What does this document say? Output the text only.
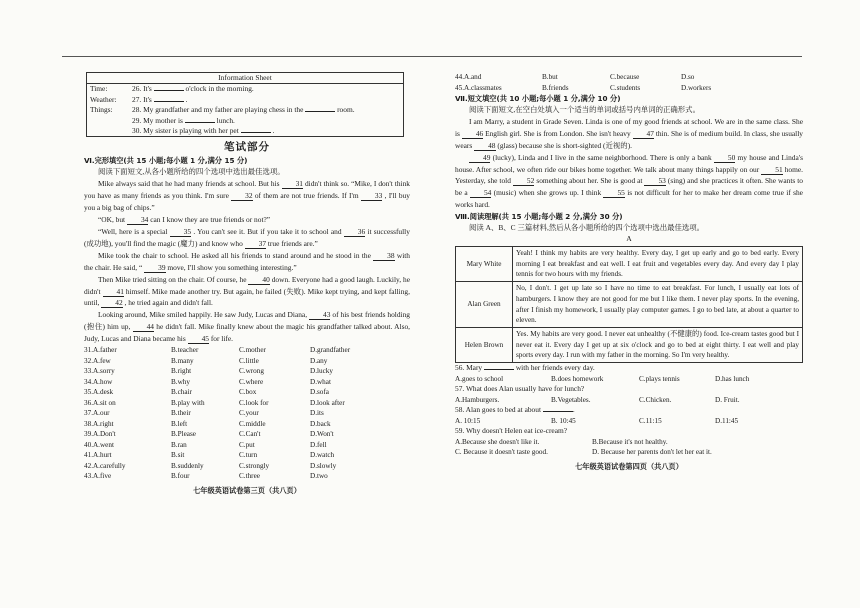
Information Sheet	
Time:	26. It's o'clock in the morning.
Weather:	27. It's .
Things:	28. My grandfather and my father are playing chess in the room.
	29. My mother is lunch.
	30. My sister is playing with her pet .
笔试部分
Ⅵ.完形填空(共 15 小题;每小题 1 分,满分 15 分)
阅读下面短文,从各小题所给的四个选项中选出最佳选项。
Mike always said that he had many friends at school. But his 31 didn't think so. “Mike, I don't think you have as many friends as you think. I'm sure 32 of them are not true friends. If I'm 33 , I'll buy you a big bag of chips.”
“OK, but 34 can I know they are true friends or not?”
“Well, here is a special 35 . You can't see it. But if you take it to school and 36 it successfully (成功地), you'll find the magic (魔力) and know who 37 true friends are.”
Mike took the chair to school. He asked all his friends to stand around and he stood in the 38 with the chair. He said, “ 39 move, I'll show you something interesting.”
Then Mike tried sitting on the chair. Of course, he 40 down. Everyone had a good laugh. Luckily, he didn't 41 himself. Mike made another try. But again, he failed (失败). Mike kept trying, and kept falling, until, 42 , he tried again and didn't fall.
Looking around, Mike smiled happily. He saw Judy, Lucas and Diana, 43 of his best friends holding (抱住) him up, 44 he didn't fall. Mike finally knew about the magic his grandfather talked about. Also, Judy, Lucas and Diana became his 45 for life.
31.A.father	B.teacher	C.mother	D.grandfather
32.A.few	B.many	C.little	D.any
33.A.sorry	B.right	C.wrong	D.lucky
34.A.how	B.why	C.where	D.what
35.A.desk	B.chair	C.box	D.sofa
36.A.sit on	B.play with	C.look for	D.look after
37.A.our	B.their	C.your	D.its
38.A.right	B.left	C.middle	D.back
39.A.Don't	B.Please	C.Can't	D.Won't
40.A.went	B.ran	C.put	D.fell
41.A.hurt	B.sit	C.turn	D.watch
42.A.carefully	B.suddenly	C.strongly	D.slowly
43.A.five	B.four	C.three	D.two
七年级英语试卷第三页（共八页）
44.A.and	B.but	C.because	D.so
45.A.classmates	B.friends	C.students	D.workers
Ⅶ.短文填空(共 10 小题;每小题 1 分,满分 10 分)
阅读下面短文,在空白处填入一个适当的单词或括号内单词的正确形式。
I am Marry, a student in Grade Seven. Linda is one of my good friends at school. We are in the same class. She is 46 English girl. She is from London. She isn't heavy 47 thin. She is of medium build. In class, she usually wears 48 (glass) because she is short-sighted (近视的).
49 (lucky), Linda and I live in the same neighborhood. There is only a bank 50 my house and Linda's house. After school, we often ride our bikes home together. We talk about many things happily on our 51 home. Yesterday, she told 52 something about her. She is good at 53 (sing) and she practices it often. She wants to be a 54 (music) when she grows up. I think 55 is not difficult for her to make her dream come true if she works hard.
Ⅷ.阅读理解(共 15 小题;每小题 2 分,满分 30 分)
阅读 A、B、C 三篇材料,然后从各小题所给的四个选项中选出最佳选项。
A
Mary White	Yeah! I think my habits are very healthy. Every day, I get up early and go to bed early. Every morning I eat breakfast and eat well. I eat fruit and vegetables every day. And every day I play tennis for two hours with my friends.
Alan Green	No, I don't. I get up late so I have no time to eat breakfast. For lunch, I usually eat lots of hamburgers. I know they are not good for me but I like them. I never play sports. In the evening, after I finish my homework, I usually play computer games. I go to bed late, at about a quarter to eleven.
Helen Brown	Yes. My habits are very good. I never eat unhealthy (不健康的) food. Ice-cream tastes good but I never eat it. Every day I get up at six o'clock and go to bed at eight thirty. I eat well and play sports every day. I run with my father in the morning. So I'm very healthy.
56. Mary	with her friends every day.
A.goes to school	B.does homework	C.plays tennis	D.has lunch
57. What does Alan usually have for lunch?
A.Hamburgers.	B.Vegetables.	C.Chicken.	D. Fruit.
58. Alan goes to bed at about	.
A. 10:15	B. 10:45	C.11:15	D.11:45
59. Why doesn't Helen eat ice-cream?
A.Because she doesn't like it.	B.Because it's not healthy.
C. Because it doesn't taste good.	D. Because her parents don't let her eat it.
七年级英语试卷第四页（共八页）
